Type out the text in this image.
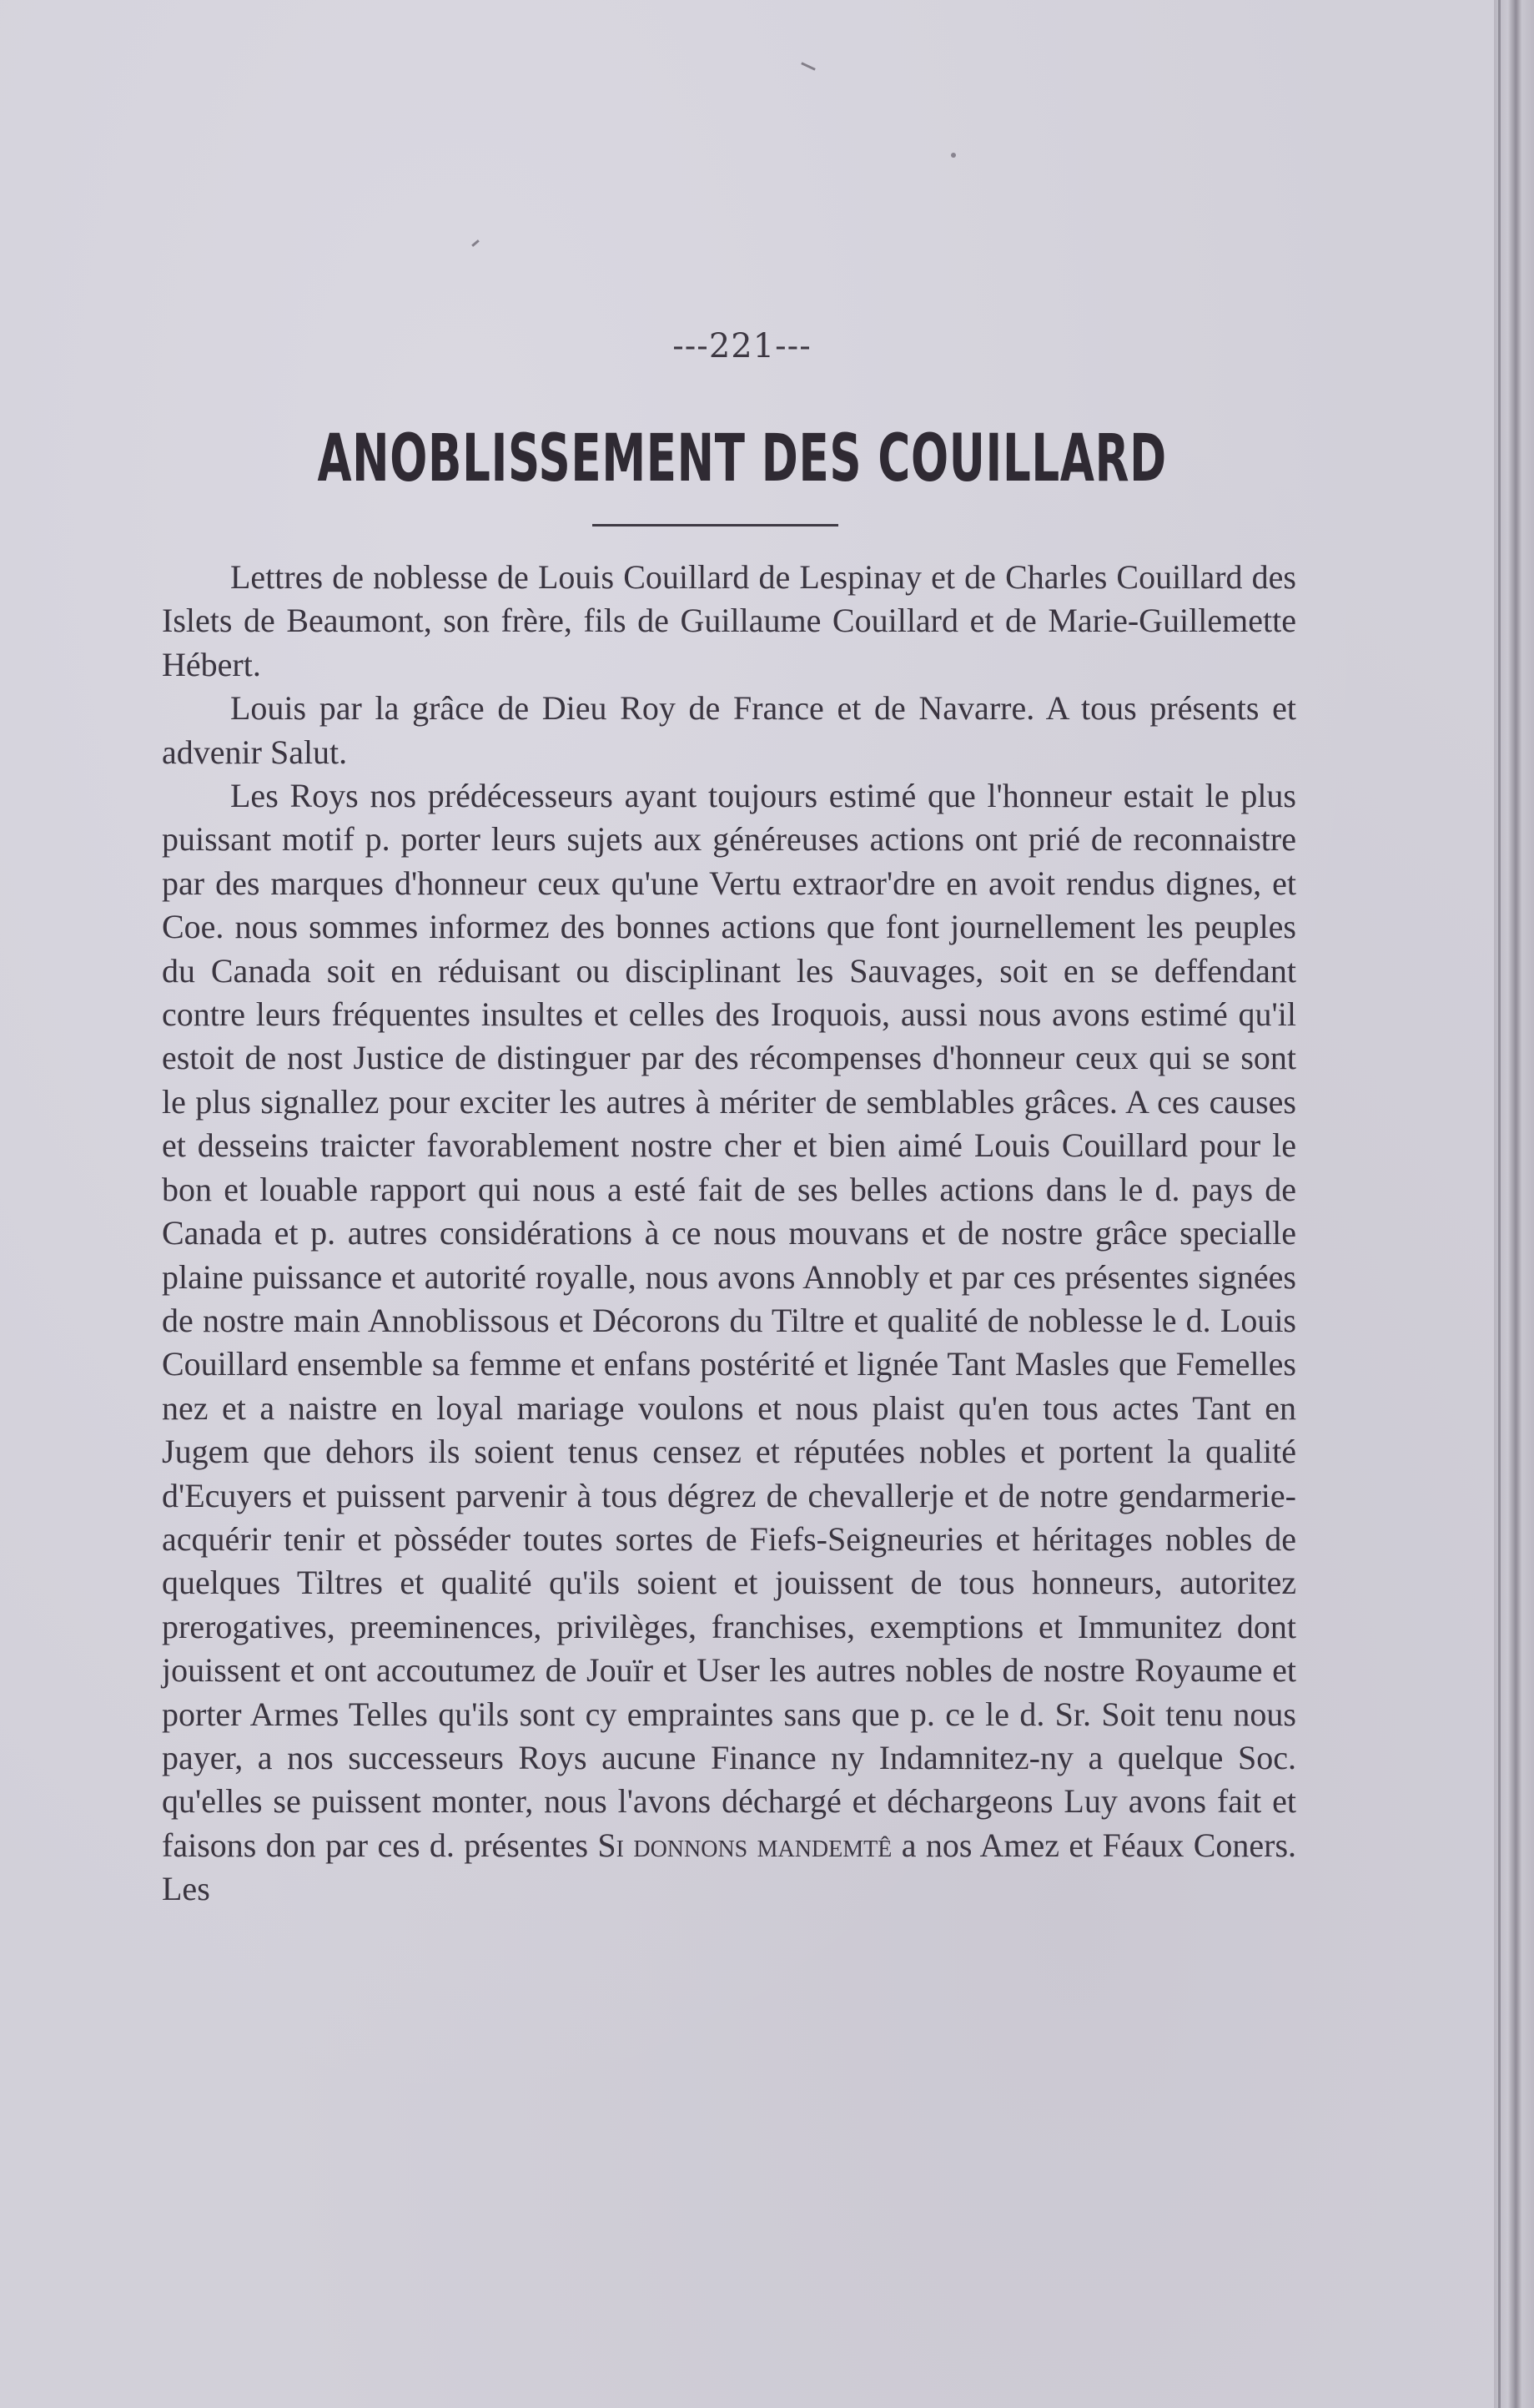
---221---
ANOBLISSEMENT DES COUILLARD

Lettres de noblesse de Louis Couillard de Lespinay et de Charles Couillard des Islets de Beaumont, son frère, fils de Guillaume Couillard et de Marie-Guillemette Hébert.

Louis par la grâce de Dieu Roy de France et de Navarre. A tous présents et advenir Salut.

Les Roys nos prédécesseurs ayant toujours estimé que l'honneur estait le plus puissant motif p. porter leurs sujets aux généreuses actions ont prié de reconnaistre par des marques d'honneur ceux qu'une Vertu extraor'dre en avoit rendus dignes, et Coe. nous sommes informez des bonnes actions que font journellement les peuples du Canada soit en réduisant ou disciplinant les Sauvages, soit en se deffendant contre leurs fréquentes insultes et celles des Iroquois, aussi nous avons estimé qu'il estoit de nost Justice de distinguer par des récompenses d'honneur ceux qui se sont le plus signallez pour exciter les autres à mériter de semblables grâces. A ces causes et desseins traicter favorablement nostre cher et bien aimé Louis Couillard pour le bon et louable rapport qui nous a esté fait de ses belles actions dans le d. pays de Canada et p. autres considérations à ce nous mouvans et de nostre grâce specialle plaine puissance et autorité royalle, nous avons Annobly et par ces présentes signées de nostre main Annoblissous et Décorons du Tiltre et qualité de noblesse le d. Louis Couillard ensemble sa femme et enfans postérité et lignée Tant Masles que Femelles nez et a naistre en loyal mariage voulons et nous plaist qu'en tous actes Tant en Jugem que dehors ils soient tenus censez et réputées nobles et portent la qualité d'Ecuyers et puissent parvenir à tous dégrez de chevallerje et de notre gendarmerie-acquérir tenir et pòsséder toutes sortes de Fiefs-Seigneuries et héritages nobles de quelques Tiltres et qualité qu'ils soient et jouissent de tous honneurs, autoritez prerogatives, preeminences, privilèges, franchises, exemptions et Immunitez dont jouissent et ont accoutumez de Jouïr et User les autres nobles de nostre Royaume et porter Armes Telles qu'ils sont cy empraintes sans que p. ce le d. Sr. Soit tenu nous payer, a nos successeurs Roys aucune Finance ny Indamnitez-ny a quelque Soc. qu'elles se puissent monter, nous l'avons déchargé et déchargeons Luy avons fait et faisons don par ces d. présentes Si donnons mandemtê a nos Amez et Féaux Coners. Les
